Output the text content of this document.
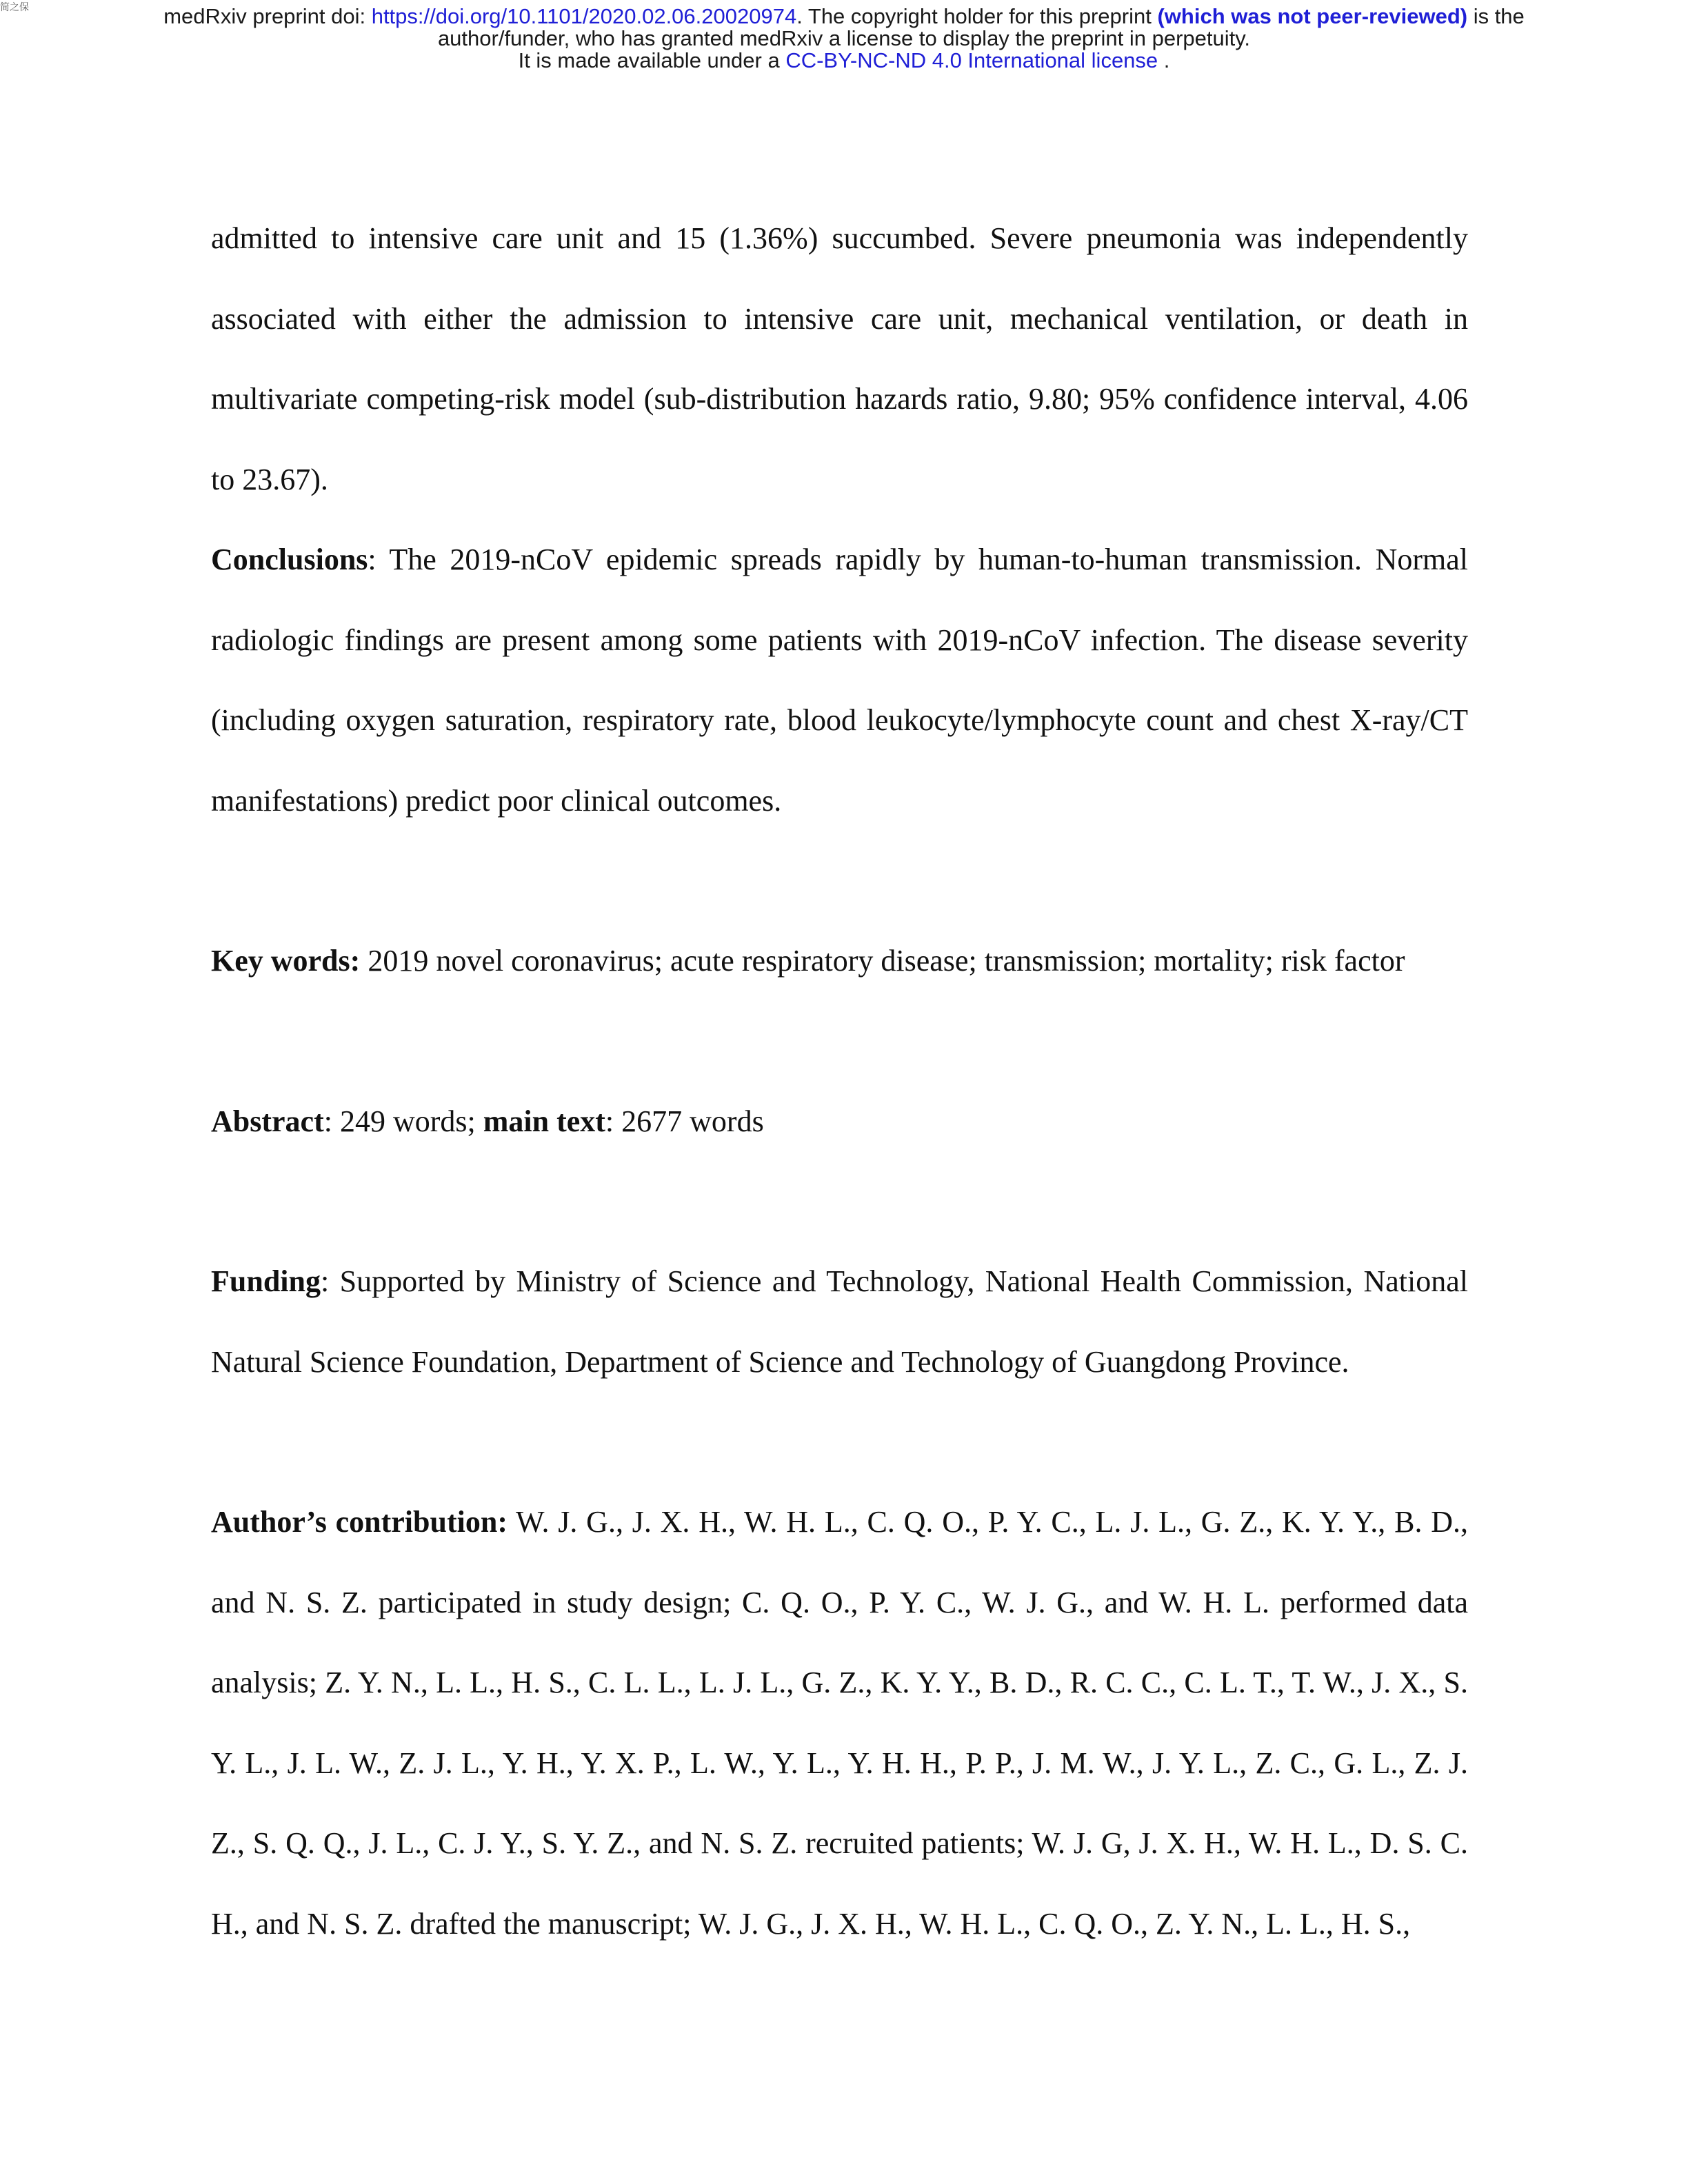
简之保	medRxiv preprint doi: https://doi.org/10.1101/2020.02.06.20020974. The copyright holder for this preprint (which was not peer-reviewed) is the
author/funder, who has granted medRxiv a license to display the preprint in perpetuity.
It is made available under a CC-BY-NC-ND 4.0 International license .

admitted to intensive care unit and 15 (1.36%) succumbed. Severe pneumonia was independently associated with either the admission to intensive care unit, mechanical ventilation, or death in multivariate competing-risk model (sub-distribution hazards ratio, 9.80; 95% confidence interval, 4.06 to 23.67).

Conclusions: The 2019-nCoV epidemic spreads rapidly by human-to-human transmission. Normal radiologic findings are present among some patients with 2019-nCoV infection. The disease severity (including oxygen saturation, respiratory rate, blood leukocyte/lymphocyte count and chest X-ray/CT manifestations) predict poor clinical outcomes.

Key words: 2019 novel coronavirus; acute respiratory disease; transmission; mortality; risk factor

Abstract: 249 words; main text: 2677 words

Funding: Supported by Ministry of Science and Technology, National Health Commission, National Natural Science Foundation, Department of Science and Technology of Guangdong Province.

Author’s contribution: W. J. G., J. X. H., W. H. L., C. Q. O., P. Y. C., L. J. L., G. Z., K. Y. Y., B. D., and N. S. Z. participated in study design; C. Q. O., P. Y. C., W. J. G., and W. H. L. performed data analysis; Z. Y. N., L. L., H. S., C. L. L., L. J. L., G. Z., K. Y. Y., B. D., R. C. C., C. L. T., T. W., J. X., S. Y. L., J. L. W., Z. J. L., Y. H., Y. X. P., L. W., Y. L., Y. H. H., P. P., J. M. W., J. Y. L., Z. C., G. L., Z. J. Z., S. Q. Q., J. L., C. J. Y., S. Y. Z., and N. S. Z. recruited patients; W. J. G, J. X. H., W. H. L., D. S. C. H., and N. S. Z. drafted the manuscript; W. J. G., J. X. H., W. H. L., C. Q. O., Z. Y. N., L. L., H. S.,
